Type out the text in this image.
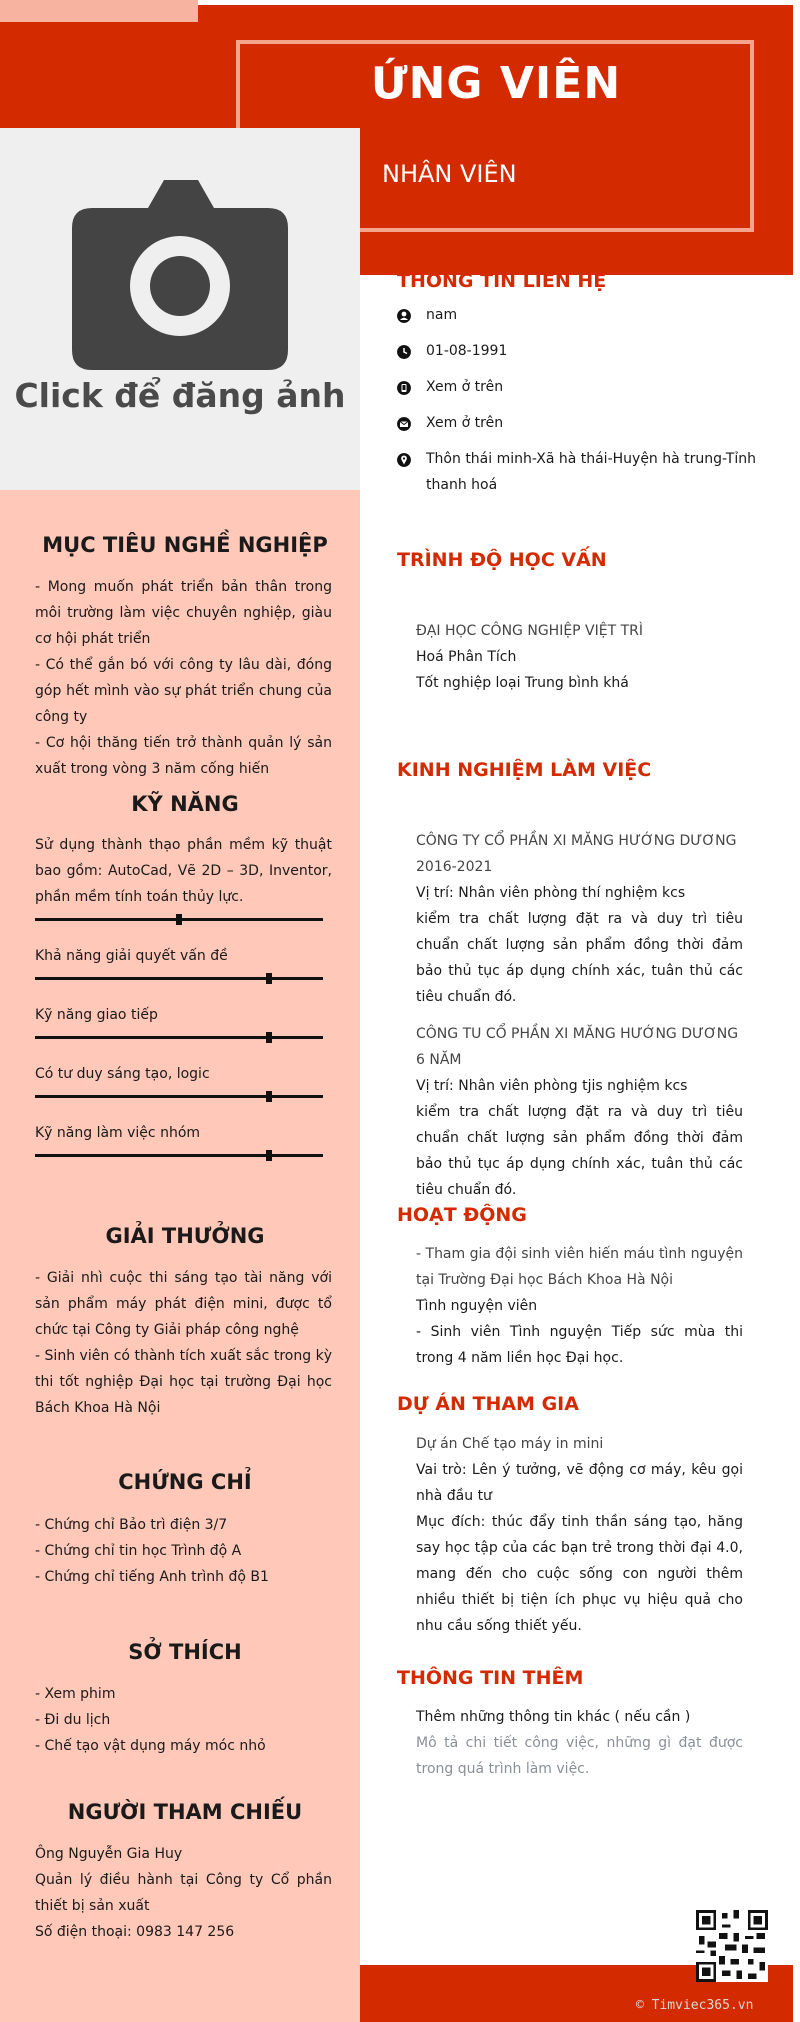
ỨNG VIÊN
NHÂN VIÊN
Click để đăng ảnh
MỤC TIÊU NGHỀ NGHIỆP

- Mong muốn phát triển bản thân trong môi trường làm việc chuyên nghiệp, giàu cơ hội phát triển

- Có thể gắn bó với công ty lâu dài, đóng góp hết mình vào sự phát triển chung của công ty

- Cơ hội thăng tiến trở thành quản lý sản xuất trong vòng 3 năm cống hiến

KỸ NĂNG
Sử dụng thành thạo phần mềm kỹ thuật bao gồm: AutoCad, Vẽ 2D – 3D, Inventor, phần mềm tính toán thủy lực.
Khả năng giải quyết vấn đề
Kỹ năng giao tiếp
Có tư duy sáng tạo, logic
Kỹ năng làm việc nhóm
GIẢI THƯỞNG

- Giải nhì cuộc thi sáng tạo tài năng với sản phẩm máy phát điện mini, được tổ chức tại Công ty Giải pháp công nghệ

- Sinh viên có thành tích xuất sắc trong kỳ thi tốt nghiệp Đại học tại trường Đại học Bách Khoa Hà Nội

CHỨNG CHỈ

- Chứng chỉ Bảo trì điện 3/7

- Chứng chỉ tin học Trình độ A

- Chứng chỉ tiếng Anh trình độ B1

SỞ THÍCH

- Xem phim

- Đi du lịch

- Chế tạo vật dụng máy móc nhỏ

NGƯỜI THAM CHIẾU

Ông Nguyễn Gia Huy

Quản lý điều hành tại Công ty Cổ phần thiết bị sản xuất

Số điện thoại: 0983 147 256

THÔNG TIN LIÊN HỆ
nam
01-08-1991
Xem ở trên
Xem ở trên
Thôn thái minh-Xã hà thái-Huyện hà trung-Tỉnh thanh hoá
TRÌNH ĐỘ HỌC VẤN

ĐẠI HỌC CÔNG NGHIỆP VIỆT TRÌ

Hoá Phân Tích

Tốt nghiệp loại Trung bình khá

KINH NGHIỆM LÀM VIỆC

CÔNG TY CỔ PHẦN XI MĂNG HƯỚNG DƯƠNG

2016-2021

Vị trí: Nhân viên phòng thí nghiệm kcs

kiểm tra chất lượng đặt ra và duy trì tiêu chuẩn chất lượng sản phẩm đồng thời đảm bảo thủ tục áp dụng chính xác, tuân thủ các tiêu chuẩn đó.

CÔNG TU CỔ PHẦN XI MĂNG HƯỚNG DƯƠNG

6 NĂM

Vị trí: Nhân viên phòng tjis nghiệm kcs

kiểm tra chất lượng đặt ra và duy trì tiêu chuẩn chất lượng sản phẩm đồng thời đảm bảo thủ tục áp dụng chính xác, tuân thủ các tiêu chuẩn đó.

HOẠT ĐỘNG

- Tham gia đội sinh viên hiến máu tình nguyện tại Trường Đại học Bách Khoa Hà Nội

Tình nguyện viên

- Sinh viên Tình nguyện Tiếp sức mùa thi trong 4 năm liền học Đại học.

DỰ ÁN THAM GIA

Dự án Chế tạo máy in mini

Vai trò: Lên ý tưởng, vẽ động cơ máy, kêu gọi nhà đầu tư

Mục đích: thúc đẩy tinh thần sáng tạo, hăng say học tập của các bạn trẻ trong thời đại 4.0, mang đến cho cuộc sống con người thêm nhiều thiết bị tiện ích phục vụ hiệu quả cho nhu cầu sống thiết yếu.

THÔNG TIN THÊM

Thêm những thông tin khác ( nếu cần )

Mô tả chi tiết công việc, những gì đạt được trong quá trình làm việc.

© Timviec365.vn
